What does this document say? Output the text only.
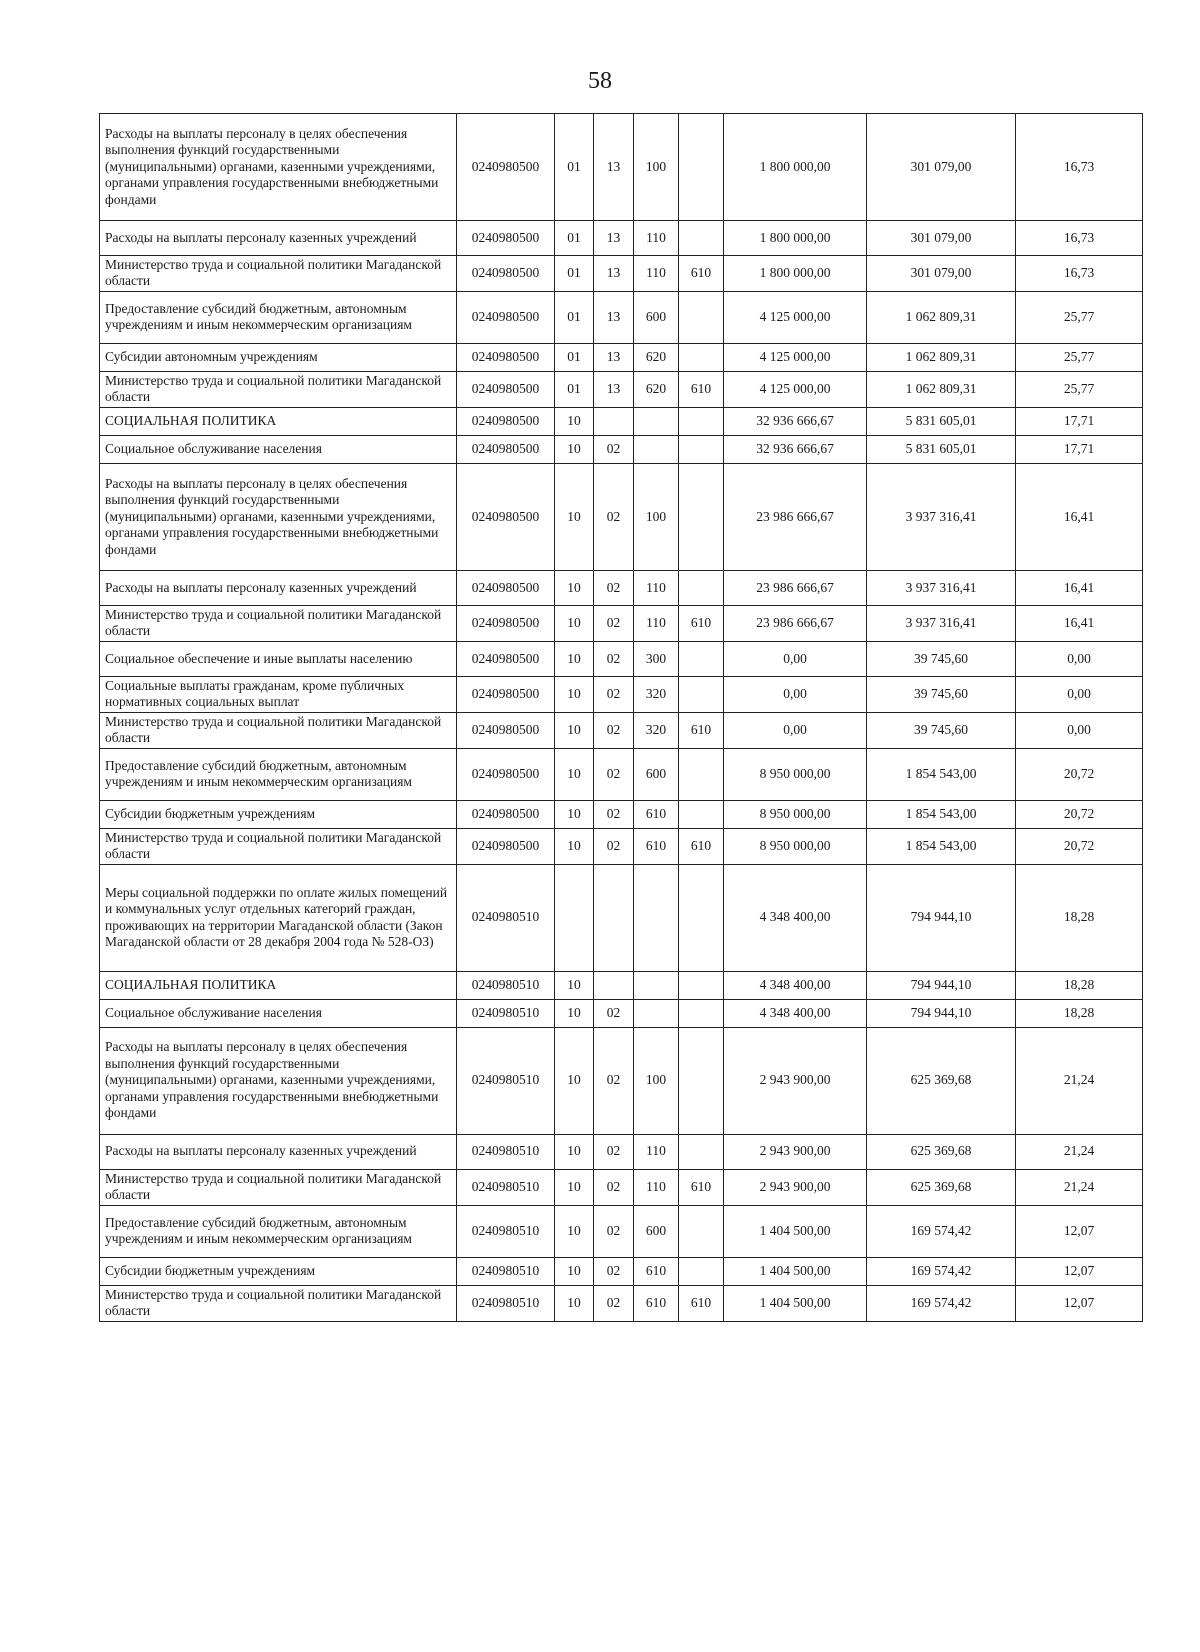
58
Расходы на выплаты персоналу в целях обеспечения выполнения функций государственными (муниципальными) органами, казенными учреждениями, органами управления государственными внебюджетными фондами	0240980500	01	13	100		1 800 000,00	301 079,00	16,73
Расходы на выплаты персоналу казенных учреждений	0240980500	01	13	110		1 800 000,00	301 079,00	16,73
Министерство труда и социальной политики Магаданской области	0240980500	01	13	110	610	1 800 000,00	301 079,00	16,73
Предоставление субсидий бюджетным, автономным учреждениям и иным некоммерческим организациям	0240980500	01	13	600		4 125 000,00	1 062 809,31	25,77
Субсидии автономным учреждениям	0240980500	01	13	620		4 125 000,00	1 062 809,31	25,77
Министерство труда и социальной политики Магаданской области	0240980500	01	13	620	610	4 125 000,00	1 062 809,31	25,77
СОЦИАЛЬНАЯ ПОЛИТИКА	0240980500	10				32 936 666,67	5 831 605,01	17,71
Социальное обслуживание населения	0240980500	10	02			32 936 666,67	5 831 605,01	17,71
Расходы на выплаты персоналу в целях обеспечения выполнения функций государственными (муниципальными) органами, казенными учреждениями, органами управления государственными внебюджетными фондами	0240980500	10	02	100		23 986 666,67	3 937 316,41	16,41
Расходы на выплаты персоналу казенных учреждений	0240980500	10	02	110		23 986 666,67	3 937 316,41	16,41
Министерство труда и социальной политики Магаданской области	0240980500	10	02	110	610	23 986 666,67	3 937 316,41	16,41
Социальное обеспечение и иные выплаты населению	0240980500	10	02	300		0,00	39 745,60	0,00
Социальные выплаты гражданам, кроме публичных нормативных социальных выплат	0240980500	10	02	320		0,00	39 745,60	0,00
Министерство труда и социальной политики Магаданской области	0240980500	10	02	320	610	0,00	39 745,60	0,00
Предоставление субсидий бюджетным, автономным учреждениям и иным некоммерческим организациям	0240980500	10	02	600		8 950 000,00	1 854 543,00	20,72
Субсидии бюджетным учреждениям	0240980500	10	02	610		8 950 000,00	1 854 543,00	20,72
Министерство труда и социальной политики Магаданской области	0240980500	10	02	610	610	8 950 000,00	1 854 543,00	20,72
Меры социальной поддержки по оплате жилых помещений и коммунальных услуг отдельных категорий граждан, проживающих на территории Магаданской области (Закон Магаданской области от 28 декабря 2004 года № 528-ОЗ)	0240980510					4 348 400,00	794 944,10	18,28
СОЦИАЛЬНАЯ ПОЛИТИКА	0240980510	10				4 348 400,00	794 944,10	18,28
Социальное обслуживание населения	0240980510	10	02			4 348 400,00	794 944,10	18,28
Расходы на выплаты персоналу в целях обеспечения выполнения функций государственными (муниципальными) органами, казенными учреждениями, органами управления государственными внебюджетными фондами	0240980510	10	02	100		2 943 900,00	625 369,68	21,24
Расходы на выплаты персоналу казенных учреждений	0240980510	10	02	110		2 943 900,00	625 369,68	21,24
Министерство труда и социальной политики Магаданской области	0240980510	10	02	110	610	2 943 900,00	625 369,68	21,24
Предоставление субсидий бюджетным, автономным учреждениям и иным некоммерческим организациям	0240980510	10	02	600		1 404 500,00	169 574,42	12,07
Субсидии бюджетным учреждениям	0240980510	10	02	610		1 404 500,00	169 574,42	12,07
Министерство труда и социальной политики Магаданской области	0240980510	10	02	610	610	1 404 500,00	169 574,42	12,07
